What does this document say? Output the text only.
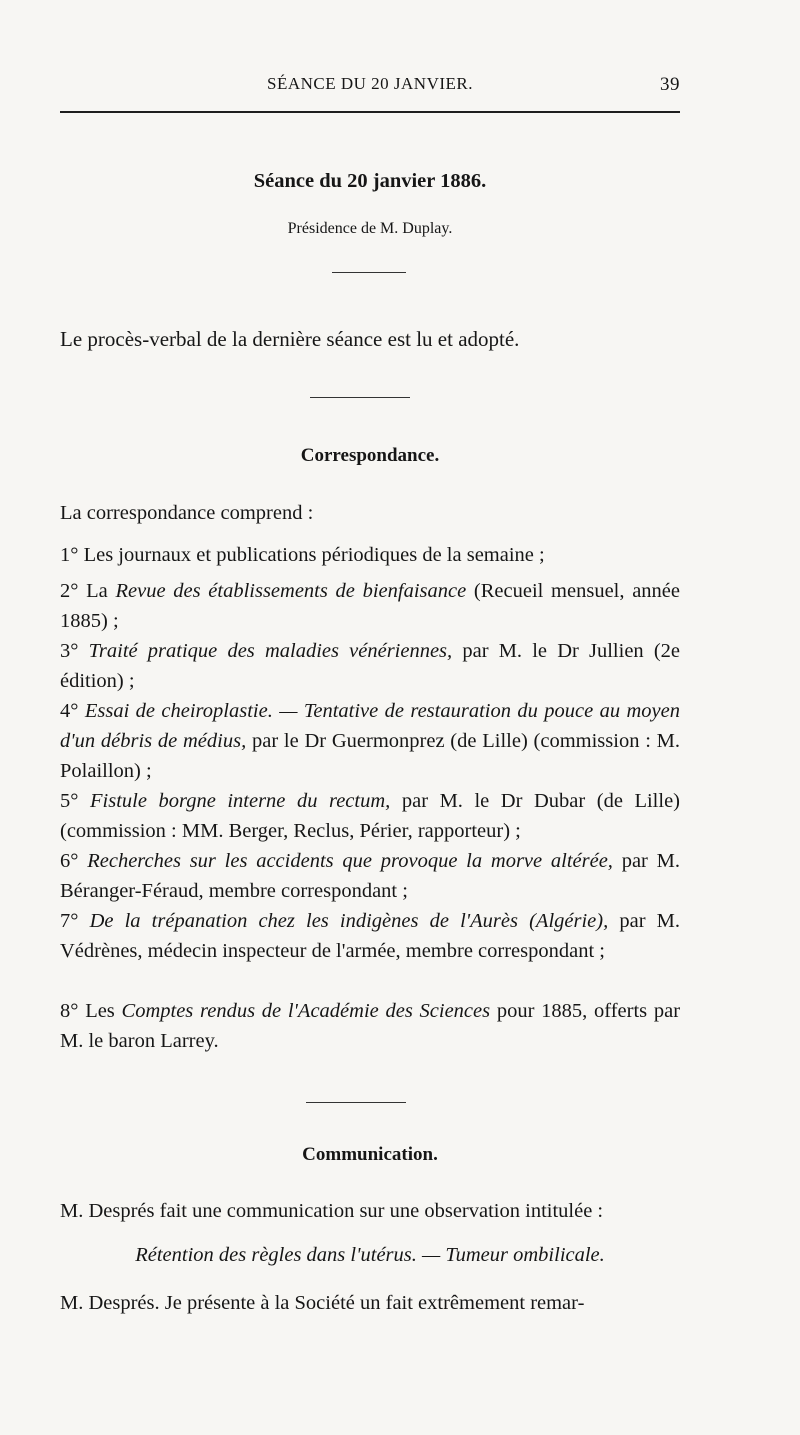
SÉANCE DU 20 JANVIER.	39
Séance du 20 janvier 1886.
Présidence de M. Duplay.
Le procès-verbal de la dernière séance est lu et adopté.
Correspondance.
La correspondance comprend :
1° Les journaux et publications périodiques de la semaine ;
2° La Revue des établissements de bienfaisance (Recueil mensuel, année 1885) ;
3° Traité pratique des maladies vénériennes, par M. le Dr Jullien (2e édition) ;
4° Essai de cheiroplastie. — Tentative de restauration du pouce au moyen d'un débris de médius, par le Dr Guermonprez (de Lille) (commission : M. Polaillon) ;
5° Fistule borgne interne du rectum, par M. le Dr Dubar (de Lille) (commission : MM. Berger, Reclus, Périer, rapporteur) ;
6° Recherches sur les accidents que provoque la morve altérée, par M. Béranger-Féraud, membre correspondant ;
7° De la trépanation chez les indigènes de l'Aurès (Algérie), par M. Védrènes, médecin inspecteur de l'armée, membre correspondant ;
8° Les Comptes rendus de l'Académie des Sciences pour 1885, offerts par M. le baron Larrey.
Communication.
M. Després fait une communication sur une observation intitulée :
Rétention des règles dans l'utérus. — Tumeur ombilicale.
M. Després. Je présente à la Société un fait extrêmement remar-
